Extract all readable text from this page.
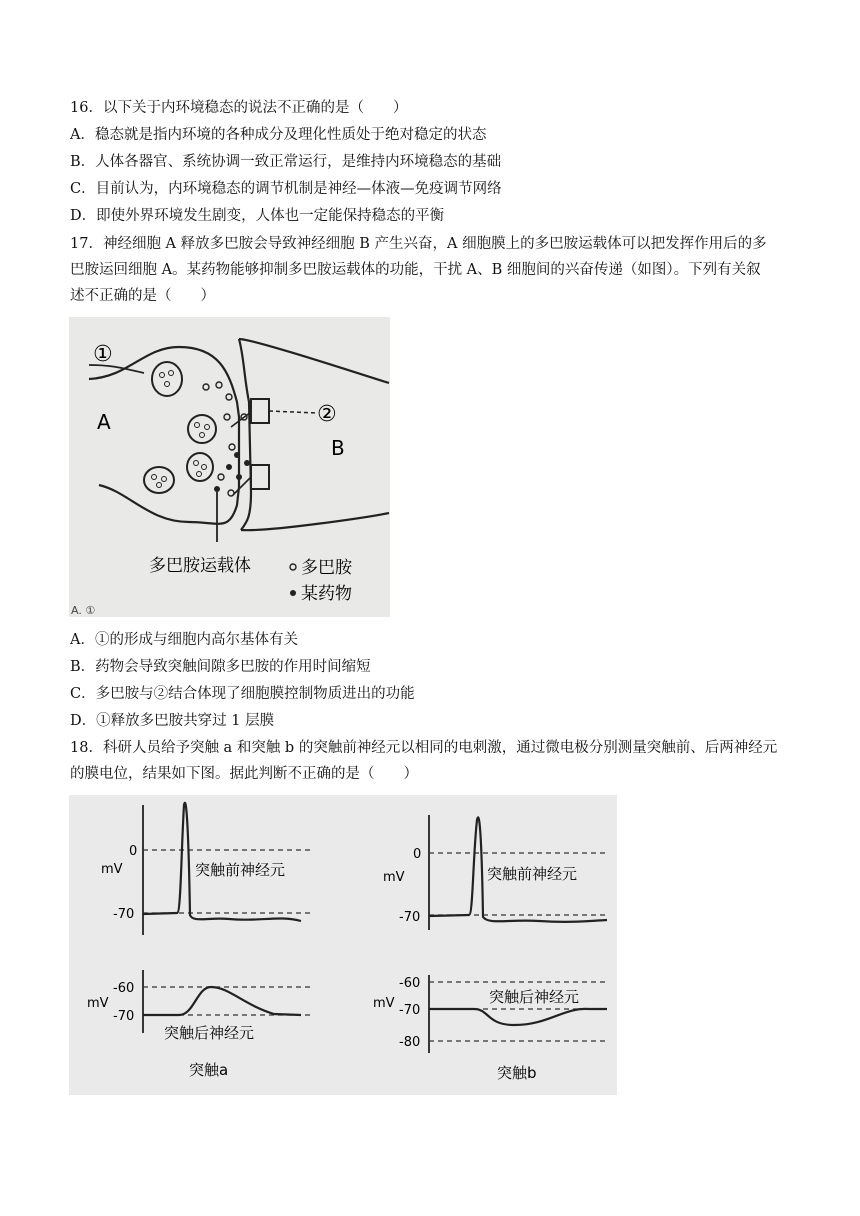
16．以下关于内环境稳态的说法不正确的是（　　）
A．稳态就是指内环境的各种成分及理化性质处于绝对稳定的状态
B．人体各器官、系统协调一致正常运行，是维持内环境稳态的基础
C．目前认为，内环境稳态的调节机制是神经—体液—免疫调节网络
D．即使外界环境发生剧变，人体也一定能保持稳态的平衡
17．神经细胞 A 释放多巴胺会导致神经细胞 B 产生兴奋，A 细胞膜上的多巴胺运载体可以把发挥作用后的多
巴胺运回细胞 A。某药物能够抑制多巴胺运载体的功能，干扰 A、B 细胞间的兴奋传递（如图）。下列有关叙
述不正确的是（　　）
①
②
A
B
多巴胺运载体	多巴胺
某药物
A. ①
A．①的形成与细胞内高尔基体有关
B．药物会导致突触间隙多巴胺的作用时间缩短
C．多巴胺与②结合体现了细胞膜控制物质进出的功能
D．①释放多巴胺共穿过 1 层膜
18．科研人员给予突触 a 和突触 b 的突触前神经元以相同的电刺激，通过微电极分别测量突触前、后两神经元
的膜电位，结果如下图。据此判断不正确的是（　　）
0
-70
mV	突触前神经元
-60
-70
mV
突触后神经元
突触a
0
-70
mV	突触前神经元
-60
-70
-80
mV	突触后神经元
突触b
